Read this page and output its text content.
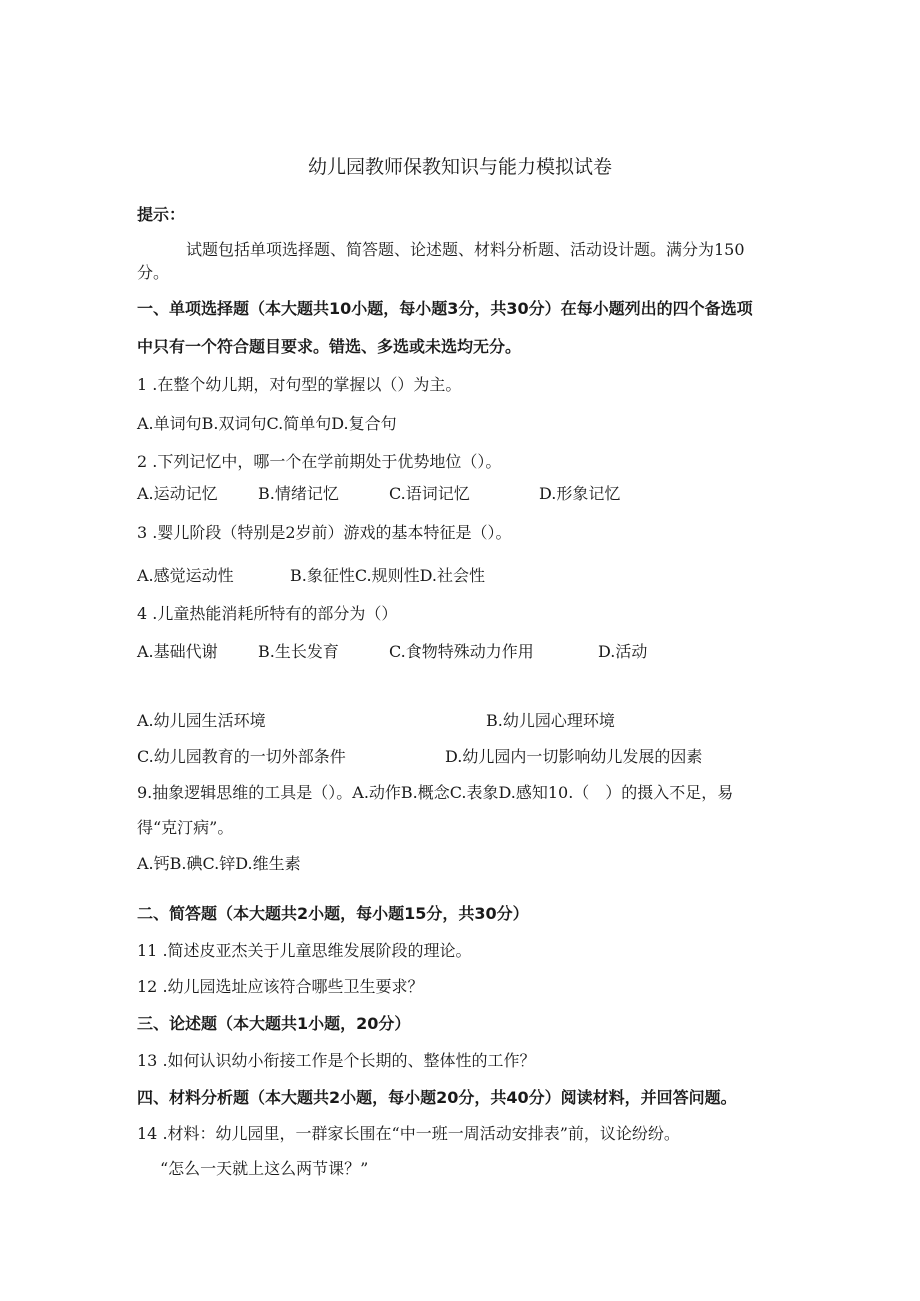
幼儿园教师保教知识与能力模拟试卷
提示：
试题包括单项选择题、简答题、论述题、材料分析题、活动设计题。满分为150
分。
一、单项选择题（本大题共10小题，每小题3分，共30分）在每小题列出的四个备选项
中只有一个符合题目要求。错选、多选或未选均无分。
1 .在整个幼儿期，对句型的掌握以（）为主。
A.单词句B.双词句C.简单句D.复合句
2 .下列记忆中，哪一个在学前期处于优势地位（）。
A.运动记忆	B.情绪记忆	C.语词记忆	D.形象记忆
3 .婴儿阶段（特别是2岁前）游戏的基本特征是（）。
A.感觉运动性	B.象征性C.规则性D.社会性
4 .儿童热能消耗所特有的部分为（）
A.基础代谢	B.生长发育	C.食物特殊动力作用	D.活动
A.幼儿园生活环境	B.幼儿园心理环境
C.幼儿园教育的一切外部条件	D.幼儿园内一切影响幼儿发展的因素
9.抽象逻辑思维的工具是（）。A.动作B.概念C.表象D.感知10.（　）的摄入不足，易
得“克汀病”。
A.钙B.碘C.锌D.维生素
二、简答题（本大题共2小题，每小题15分，共30分）
11 .简述皮亚杰关于儿童思维发展阶段的理论。
12 .幼儿园选址应该符合哪些卫生要求？
三、论述题（本大题共1小题，20分）
13 .如何认识幼小衔接工作是个长期的、整体性的工作？
四、材料分析题（本大题共2小题，每小题20分，共40分）阅读材料，并回答问题。
14 .材料：幼儿园里，一群家长围在“中一班一周活动安排表”前，议论纷纷。
“怎么一天就上这么两节课？”
